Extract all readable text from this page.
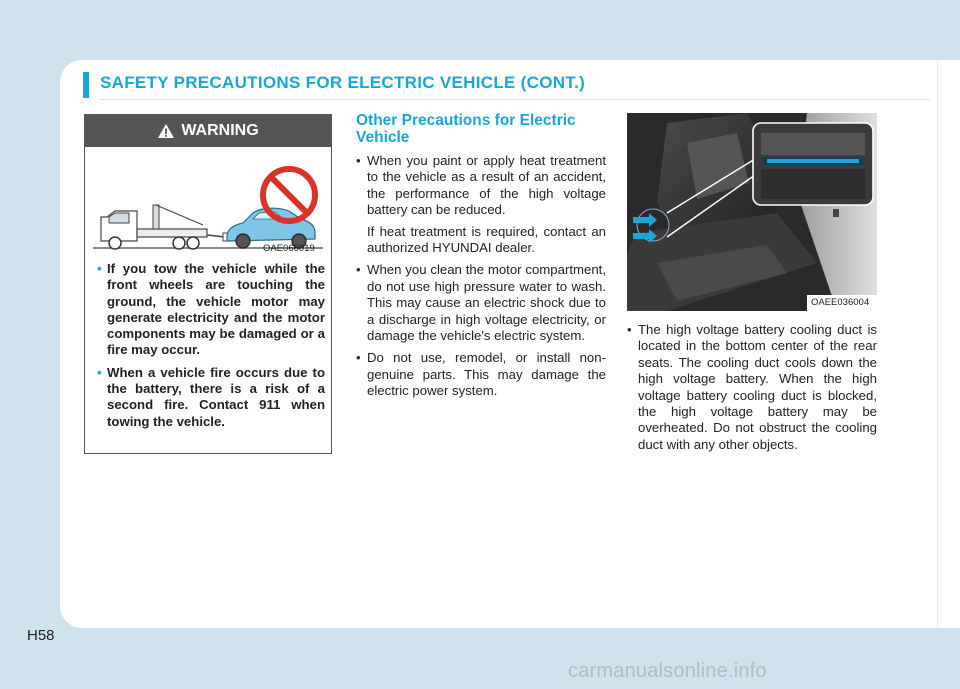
SAFETY PRECAUTIONS FOR ELECTRIC VEHICLE (CONT.)
WARNING
OAE066019
• If you tow the vehicle while the front wheels are touching the ground, the vehicle motor may generate electricity and the motor components may be damaged or a fire may occur.
• When a vehicle fire occurs due to the battery, there is a risk of a second fire. Contact 911 when towing the vehicle.
Other Precautions for Electric Vehicle
• When you paint or apply heat treatment to the vehicle as a result of an accident, the performance of the high voltage battery can be reduced.

If heat treatment is required, contact an authorized HYUNDAI dealer.

• When you clean the motor compartment, do not use high pressure water to wash. This may cause an electric shock due to a discharge in high voltage electricity, or damage the vehicle's electric system.

• Do not use, remodel, or install non-genuine parts. This may damage the electric power system.

OAEE036004
• The high voltage battery cooling duct is located in the bottom center of the rear seats. The cooling duct cools down the high voltage battery. When the high voltage battery cooling duct is blocked, the high voltage battery may be overheated. Do not obstruct the cooling duct with any other objects.

H58
carmanualsonline.info
